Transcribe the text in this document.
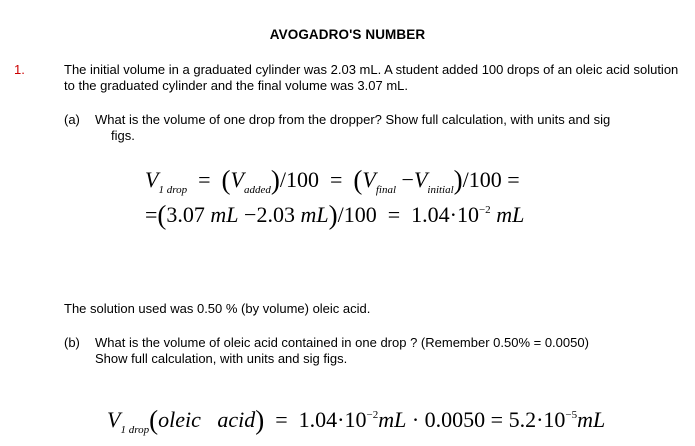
AVOGADRO'S NUMBER
1.	The initial volume in a graduated cylinder was 2.03 mL. A student added 100 drops of an oleic acid solution to the graduated cylinder and the final volume was 3.07 mL.
(a) What is the volume of one drop from the dropper? Show full calculation, with units and sig
figs.
$V_{1 drop} = (V_{added})/100 = (V_{final} -V_{initial})/100$ =
=(3.07 mL −2.03 $mL)/100 = 1.04\cdot 10^{-2}$ mL
The solution used was 0.50 % (by volume) oleic acid.
(b) What is the volume of oleic acid contained in one drop ? (Remember 0.50% = 0.0050)
Show full calculation, with units and sig figs.
$V_{1 drop}(oleic$ acid) = $1.04\cdot 10^{-2}mL \cdot 0.0050 = 5.2\cdot 10^{-5}mL$
